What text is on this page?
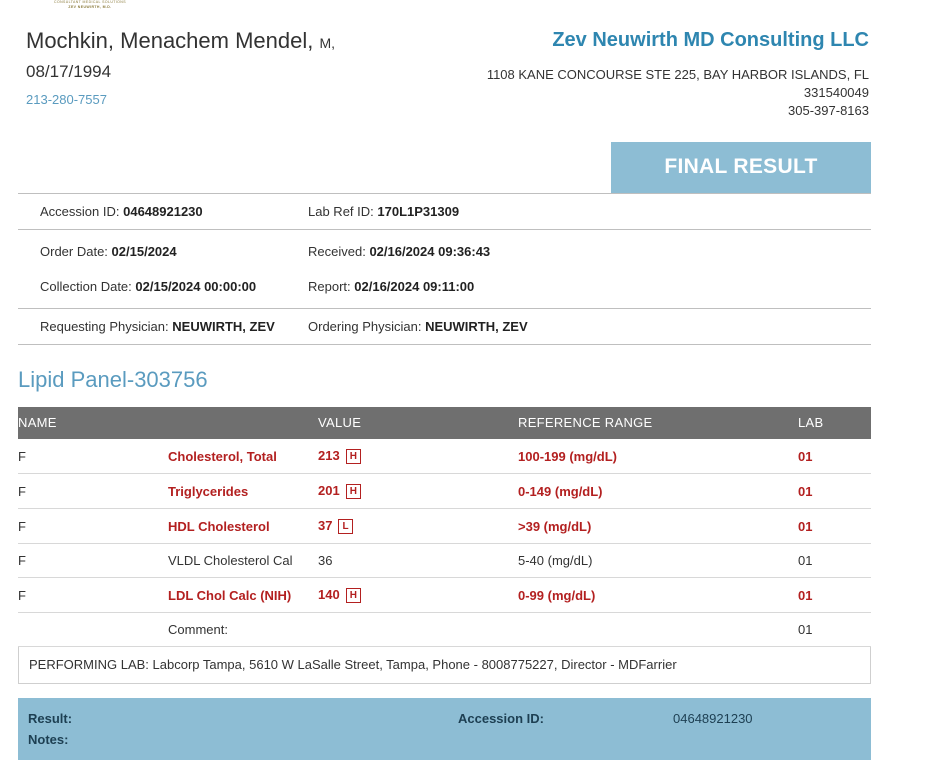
CONSULTANT MEDICAL SOLUTIONS
ZEV NEUWIRTH, M.D.
Mochkin, Menachem Mendel, M,
08/17/1994
213-280-7557
Zev Neuwirth MD Consulting LLC
1108 KANE CONCOURSE STE 225, BAY HARBOR ISLANDS, FL 331540049
305-397-8163
FINAL RESULT
Accession ID: 04648921230	Lab Ref ID: 170L1P31309
Order Date: 02/15/2024	Received: 02/16/2024 09:36:43
Collection Date: 02/15/2024 00:00:00	Report: 02/16/2024 09:11:00
Requesting Physician: NEUWIRTH, ZEV	Ordering Physician: NEUWIRTH, ZEV
Lipid Panel-303756
NAME		VALUE	REFERENCE RANGE	LAB
F	Cholesterol, Total	213 H	100-199 (mg/dL)	01
F	Triglycerides	201 H	0-149 (mg/dL)	01
F	HDL Cholesterol	37 L	>39 (mg/dL)	01
F	VLDL Cholesterol Cal	36	5-40 (mg/dL)	01
F	LDL Chol Calc (NIH)	140 H	0-99 (mg/dL)	01
	Comment:			01
PERFORMING LAB: Labcorp Tampa, 5610 W LaSalle Street, Tampa, Phone - 8008775227, Director - MDFarrier
Result:	Accession ID:	04648921230
Notes:
